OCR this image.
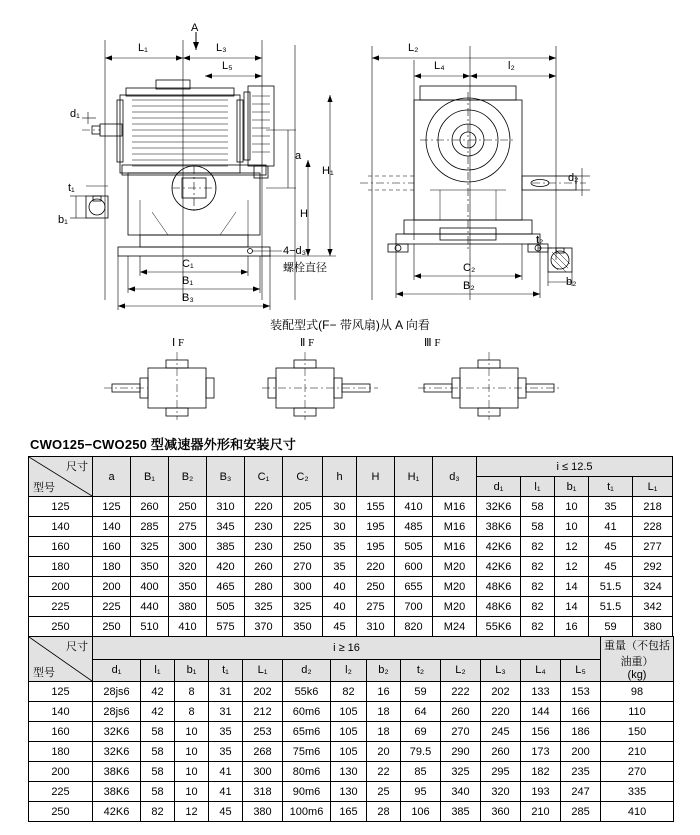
A
L₁	L₃
L₅
d₁
a
H₁
H
t₁
b₁
C₁
B₁
B₃
4−d₃
螺栓直径
L₂
L₄	l₂
d₂
t₂
b₂
C₂
B₂
装配型式(F− 带风扇)从 A 向看
Ⅰ F	Ⅱ F	Ⅲ F
CWO125−CWO250 型减速器外形和安装尺寸
尺寸
型号	a	B₁	B₂	B₃	C₁	C₂	h	H	H₁	d₃	i ≤ 12.5				
											d₁	l₁	b₁	t₁	L₁
125	125	260	250	310	220	205	30	155	410	M16	32K6	58	10	35	218
140	140	285	275	345	230	225	30	195	485	M16	38K6	58	10	41	228
160	160	325	300	385	230	250	35	195	505	M16	42K6	82	12	45	277
180	180	350	320	420	260	270	35	220	600	M20	42K6	82	12	45	292
200	200	400	350	465	280	300	40	250	655	M20	48K6	82	14	51.5	324
225	225	440	380	505	325	325	40	275	700	M20	48K6	82	14	51.5	342
250	250	510	410	575	370	350	45	310	820	M24	55K6	82	16	59	380
尺寸
型号
	i ≥ 16	重量（不包括
油重）
(kg)

	d₁	l₁	b₁	t₁	L₁	d₂	l₂	b₂	t₂	L₂	L₃	L₄	L₅	
125	28js6	42	8	31	202	55k6	82	16	59	222	202	133	153	98
140	28js6	42	8	31	212	60m6	105	18	64	260	220	144	166	110
160	32K6	58	10	35	253	65m6	105	18	69	270	245	156	186	150
180	32K6	58	10	35	268	75m6	105	20	79.5	290	260	173	200	210
200	38K6	58	10	41	300	80m6	130	22	85	325	295	182	235	270
225	38K6	58	10	41	318	90m6	130	25	95	340	320	193	247	335
250	42K6	82	12	45	380	100m6	165	28	106	385	360	210	285	410
